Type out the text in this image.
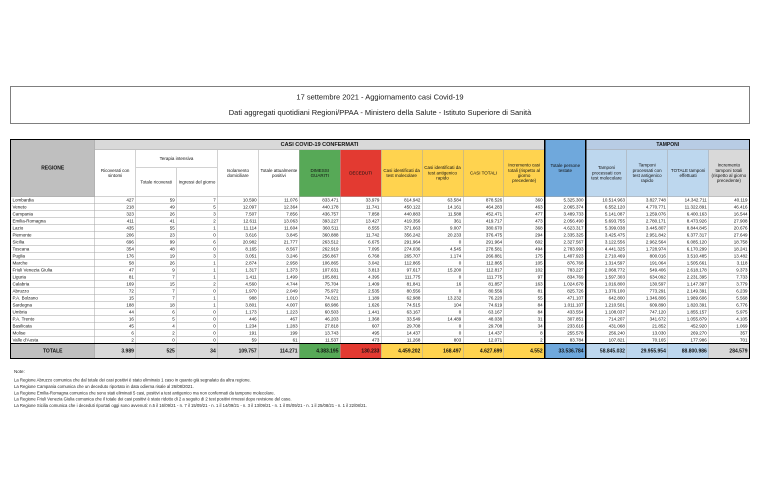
17 settembre 2021 - Aggiornamento casi Covid-19
Dati aggregati quotidiani Regioni/PPAA - Ministero della Salute - Istituto Superiore di Sanità
REGIONE	CASI COVID-19 CONFERMATI											Totale persone testate	TAMPONI			
	Ricoverati con sintomi	Terapia intensiva		Isolamento domiciliare	Totale attualmente positivi	DIMESSI GUARITI	DECEDUTI	Casi identificati da test molecolare	Casi identificati da test antigenico rapido	CASI TOTALI	Incremento casi totali (rispetto al giorno precedente)		Tamponi processati con test molecolare	Tamponi processati con test antigenico rapido	TOTALE tamponi effettuati	Incremento tamponi totali (rispetto al giorno precedente)
		Totale ricoverati	Ingressi del giorno													
Lombardia	427	59	7	10.590	11.076	833.471	33.979	814.942	63.584	878.526	360	5.325.300	10.514.963	3.827.748	14.342.711	40.119
Veneto	218	49	5	12.097	12.364	440.178	11.741	450.122	14.161	464.283	463	2.065.374	6.552.120	4.770.771	11.322.891	46.416
Campania	323	26	3	7.507	7.856	436.757	7.858	440.883	11.588	452.471	477	3.489.733	5.141.087	1.259.076	6.400.163	16.544
Emilia-Romagna	411	41	2	12.611	13.063	393.227	13.427	419.356	361	419.717	473	2.056.490	5.693.755	2.780.171	8.473.926	27.908
Lazio	435	55	1	11.114	11.604	360.511	8.555	371.663	9.007	380.670	368	4.623.317	5.399.038	3.445.807	8.844.845	20.676
Piemonte	206	23	0	3.616	3.845	360.888	11.742	356.242	20.233	376.475	294	2.335.325	3.425.475	2.951.842	6.377.317	27.649
Sicilia	696	99	6	20.982	21.777	263.512	6.675	291.964	0	291.964	602	2.327.567	3.122.556	2.962.564	6.085.120	18.758
Toscana	354	48	0	8.165	8.567	262.919	7.095	274.036	4.545	278.581	494	2.783.993	4.441.325	1.728.974	6.170.299	18.241
Puglia	176	19	3	3.051	3.246	256.867	6.768	265.707	1.174	266.881	175	1.407.923	2.710.469	800.016	3.510.485	13.482
Marche	58	26	1	2.874	2.958	106.865	3.042	112.865	0	112.865	105	876.768	1.314.597	191.064	1.505.661	3.118
Friuli Venezia Giulia	47	9	1	1.317	1.373	107.631	3.813	97.617	15.200	112.817	102	783.227	2.068.772	549.406	2.618.178	9.373
Liguria	81	7	1	1.411	1.499	105.881	4.395	111.775	0	111.775	97	834.769	1.597.303	634.092	2.231.395	7.733
Calabria	169	15	2	4.560	4.744	75.704	1.409	81.841	16	81.857	163	1.024.678	1.016.800	130.597	1.147.397	3.779
Abruzzo	72	7	0	1.970	2.049	75.972	2.535	80.556	0	80.556	81	825.726	1.376.100	773.291	2.149.391	6.239
P.A. Bolzano	15	7	1	988	1.010	74.021	1.189	62.988	13.232	76.220	55	471.107	642.800	1.346.806	1.989.606	5.568
Sardegna	188	18	1	3.801	4.007	68.986	1.626	74.515	104	74.619	84	1.011.107	1.210.501	609.890	1.820.391	6.776
Umbria	44	6	0	1.173	1.223	60.503	1.441	63.167	0	63.167	84	433.554	1.108.037	747.120	1.855.157	5.975
P.A. Trento	16	5	0	446	467	46.203	1.368	33.549	14.489	48.038	31	307.851	714.207	341.672	1.055.879	4.105
Basilicata	45	4	0	1.234	1.283	27.818	607	29.708	0	29.708	34	233.616	431.068	21.852	452.920	1.069
Molise	6	2	0	191	199	13.743	495	14.437	0	14.437	8	255.578	256.240	13.030	269.270	357
Valle d'Aosta	2	0	0	59	61	11.537	473	11.268	803	12.071	2	83.784	107.821	70.165	177.986	701
TOTALE	3.989	525	34	109.757	114.271	4.383.195	130.233	4.459.202	168.497	4.627.699	4.552	33.536.784	58.845.032	29.955.954	88.800.986	284.579
Note:
La Regione Abruzzo comunica che dal totale dei casi positivi è stato eliminato 1 caso in quanto già segnalato da altra regione.
La Regione Campania comunica che un deceduto riportato in data odierna risale al 26/08/2021.
La Regione Emilia-Romagna comunica che sono stati eliminati 5 casi, positivi a test antigenico ma non confermati da tampone molecolare.
La Regione Friuli Venezia Giulia comunica che il totale dei casi positivi è stato ridotto di 2 a seguito di 2 test positivi rimossi dopo revisione del caso.
La Regione Sicilia comunica che i deceduti riportati oggi sono avvenuti: n.5 il 16/09/21 - n. 7 il 15/09/21 - n. 1 il 14/09/21 - n. 3 il 13/09/21 - n. 1 il 05/09/21 - n. 1 il 25/08/21 - n. 1 il 22/08/21.
